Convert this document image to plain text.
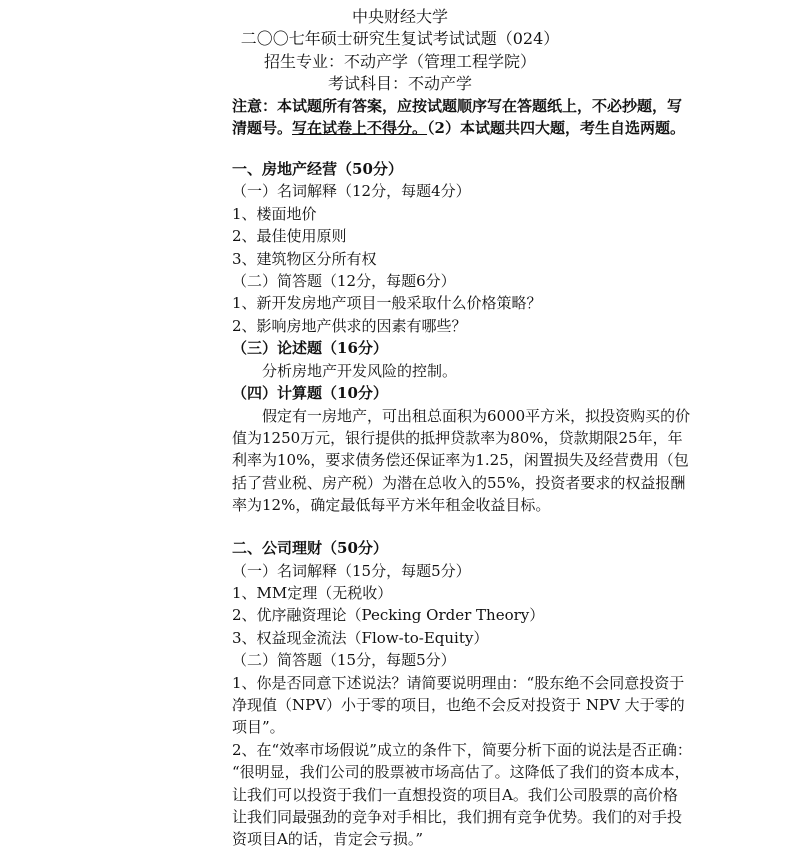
中央财经大学
二〇〇七年硕士研究生复试考试试题（024）
招生专业：不动产学（管理工程学院）
考试科目：不动产学
注意：本试题所有答案，应按试题顺序写在答题纸上，不必抄题，写
清题号。写在试卷上不得分。（2）本试题共四大题，考生自选两题。
一、房地产经营（50分）
（一）名词解释（12分，每题4分）
1、楼面地价
2、最佳使用原则
3、建筑物区分所有权
（二）简答题（12分，每题6分）
1、新开发房地产项目一般采取什么价格策略？
2、影响房地产供求的因素有哪些？
（三）论述题（16分）
分析房地产开发风险的控制。
（四）计算题（10分）
假定有一房地产，可出租总面积为6000平方米，拟投资购买的价
值为1250万元，银行提供的抵押贷款率为80%，贷款期限25年，年
利率为10%，要求债务偿还保证率为1.25，闲置损失及经营费用（包
括了营业税、房产税）为潜在总收入的55%，投资者要求的权益报酬
率为12%，确定最低每平方米年租金收益目标。
二、公司理财（50分）
（一）名词解释（15分，每题5分）
1、MM定理（无税收）
2、优序融资理论（Pecking Order Theory）
3、权益现金流法（Flow-to-Equity）
（二）简答题（15分，每题5分）
1、你是否同意下述说法？请简要说明理由：“股东绝不会同意投资于
净现值（NPV）小于零的项目，也绝不会反对投资于 NPV 大于零的
项目”。
2、在“效率市场假说”成立的条件下，简要分析下面的说法是否正确：
“很明显，我们公司的股票被市场高估了。这降低了我们的资本成本，
让我们可以投资于我们一直想投资的项目A。我们公司股票的高价格
让我们同最强劲的竞争对手相比，我们拥有竞争优势。我们的对手投
资项目A的话，肯定会亏损。”
